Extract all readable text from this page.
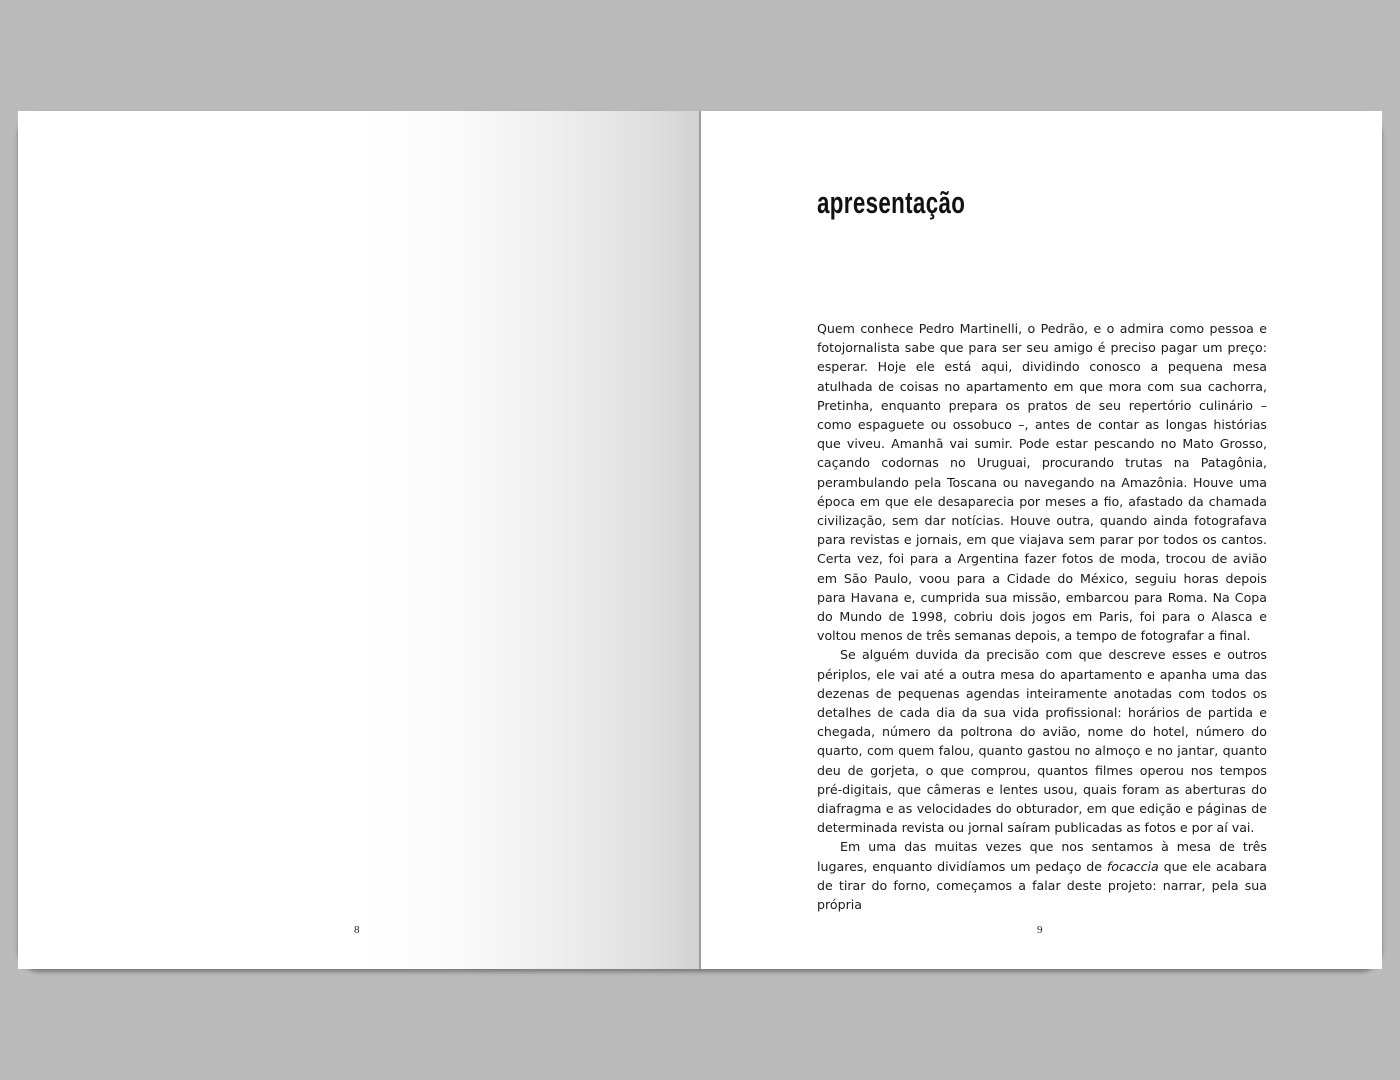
8
apresentação

Quem conhece Pedro Martinelli, o Pedrão, e o admira como pessoa e fotojornalista sabe que para ser seu amigo é preciso pagar um preço: esperar. Hoje ele está aqui, dividindo conosco a pequena mesa atulhada de coisas no apartamento em que mora com sua cachorra, Pretinha, enquanto prepara os pratos de seu repertório culinário – como espaguete ou ossobuco –, antes de contar as longas histórias que viveu. Amanhã vai sumir. Pode estar pescando no Mato Grosso, caçando codornas no Uruguai, procurando trutas na Patagônia, perambulando pela Toscana ou navegando na Amazônia. Houve uma época em que ele desaparecia por meses a fio, afastado da chamada civilização, sem dar notícias. Houve outra, quando ainda fotografava para revistas e jornais, em que viajava sem parar por todos os cantos. Certa vez, foi para a Argentina fazer fotos de moda, trocou de avião em São Paulo, voou para a Cidade do México, seguiu horas depois para Havana e, cumprida sua missão, embarcou para Roma. Na Copa do Mundo de 1998, cobriu dois jogos em Paris, foi para o Alasca e voltou menos de três semanas depois, a tempo de fotografar a final.

Se alguém duvida da precisão com que descreve esses e outros périplos, ele vai até a outra mesa do apartamento e apanha uma das dezenas de pequenas agendas inteiramente anotadas com todos os detalhes de cada dia da sua vida profissional: horários de partida e chegada, número da poltrona do avião, nome do hotel, número do quarto, com quem falou, quanto gastou no almoço e no jantar, quanto deu de gorjeta, o que comprou, quantos filmes operou nos tempos pré-digitais, que câmeras e lentes usou, quais foram as aberturas do diafragma e as velocidades do obturador, em que edição e páginas de determinada revista ou jornal saíram publicadas as fotos e por aí vai.

Em uma das muitas vezes que nos sentamos à mesa de três lugares, enquanto dividíamos um pedaço de focaccia que ele acabara de tirar do forno, começamos a falar deste projeto: narrar, pela sua própria

9
